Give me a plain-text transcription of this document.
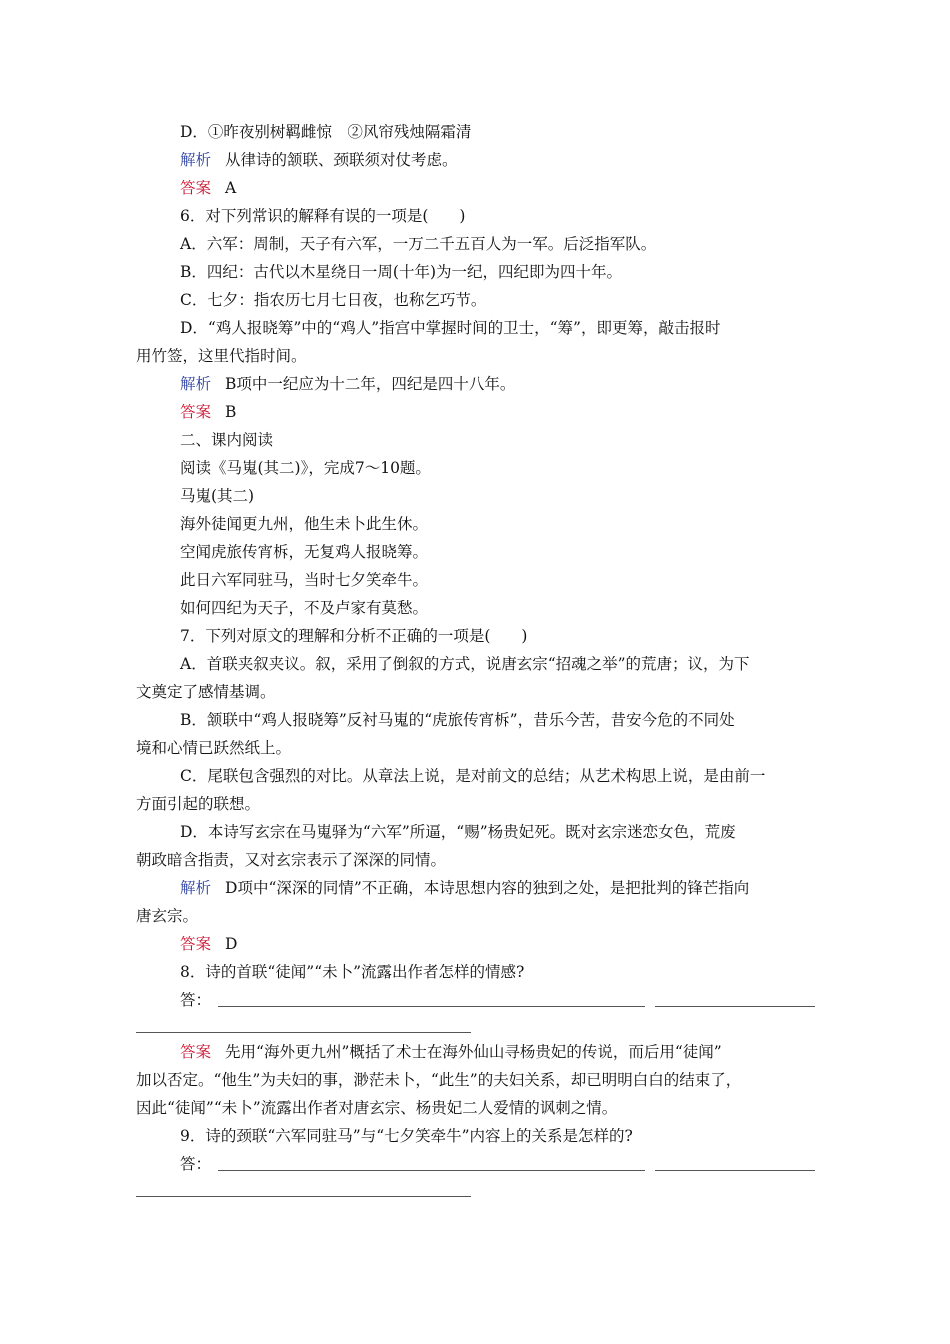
D．①昨夜别树羁雌惊　②风帘残烛隔霜清
解析 从律诗的颔联、颈联须对仗考虑。
答案 A
6．对下列常识的解释有误的一项是(　　)
A．六军：周制，天子有六军，一万二千五百人为一军。后泛指军队。
B．四纪：古代以木星绕日一周(十年)为一纪，四纪即为四十年。
C．七夕：指农历七月七日夜，也称乞巧节。
D．“鸡人报晓筹”中的“鸡人”指宫中掌握时间的卫士，“筹”，即更筹，敲击报时
用竹签，这里代指时间。
解析 B项中一纪应为十二年，四纪是四十八年。
答案 B
二、课内阅读
阅读《马嵬(其二)》，完成7～10题。
马嵬(其二)
海外徒闻更九州，他生未卜此生休。
空闻虎旅传宵柝，无复鸡人报晓筹。
此日六军同驻马，当时七夕笑牵牛。
如何四纪为天子，不及卢家有莫愁。
7．下列对原文的理解和分析不正确的一项是(　　)
A．首联夹叙夹议。叙，采用了倒叙的方式，说唐玄宗“招魂之举”的荒唐；议，为下
文奠定了感情基调。
B．颔联中“鸡人报晓筹”反衬马嵬的“虎旅传宵柝”，昔乐今苦，昔安今危的不同处
境和心情已跃然纸上。
C．尾联包含强烈的对比。从章法上说，是对前文的总结；从艺术构思上说，是由前一
方面引起的联想。
D．本诗写玄宗在马嵬驿为“六军”所逼，“赐”杨贵妃死。既对玄宗迷恋女色，荒废
朝政暗含指责，又对玄宗表示了深深的同情。
解析 D项中“深深的同情”不正确，本诗思想内容的独到之处，是把批判的锋芒指向
唐玄宗。
答案 D
8．诗的首联“徒闻”“未卜”流露出作者怎样的情感?
答：
答案 先用“海外更九州”概括了术士在海外仙山寻杨贵妃的传说，而后用“徒闻”
加以否定。“他生”为夫妇的事，渺茫未卜，“此生”的夫妇关系，却已明明白白的结束了，
因此“徒闻”“未卜”流露出作者对唐玄宗、杨贵妃二人爱情的讽刺之情。
9．诗的颈联“六军同驻马”与“七夕笑牵牛”内容上的关系是怎样的?
答：
